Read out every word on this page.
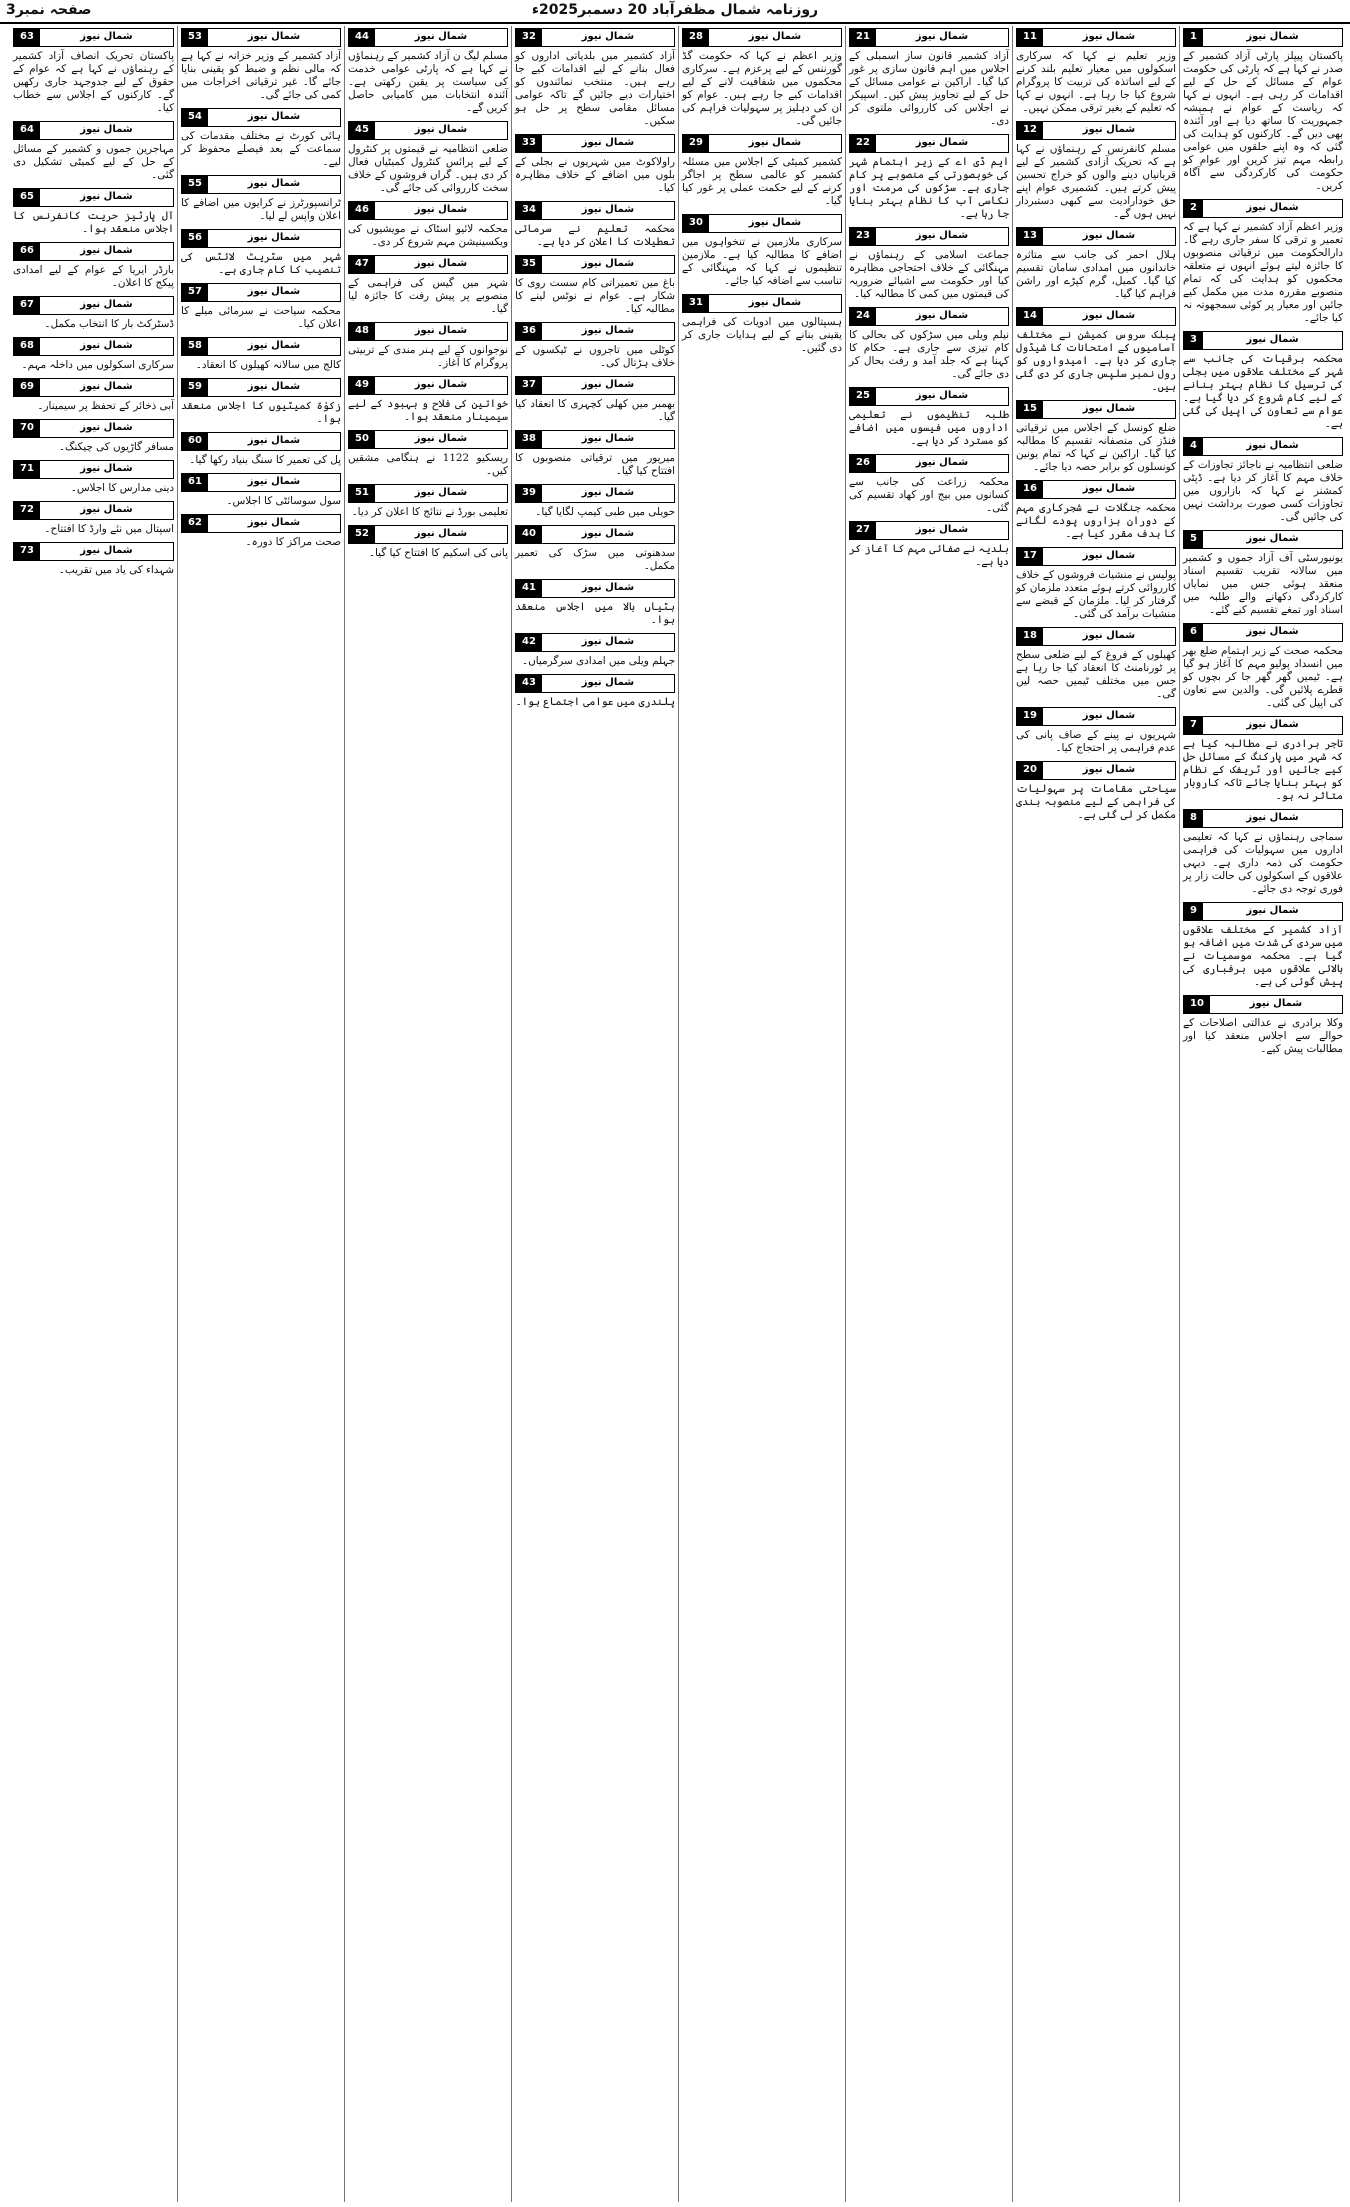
صفحہ نمبر3	روزنامہ شمال مظفرآباد 20 دسمبر2025ء
شمال نیوز
1

پاکستان پیپلز پارٹی آزاد کشمیر کے صدر نے کہا ہے کہ پارٹی کی حکومت عوام کے مسائل کے حل کے لیے اقدامات کر رہی ہے۔ انہوں نے کہا کہ ریاست کے عوام نے ہمیشہ جمہوریت کا ساتھ دیا ہے اور آئندہ بھی دیں گے۔ کارکنوں کو ہدایت کی گئی کہ وہ اپنے حلقوں میں عوامی رابطہ مہم تیز کریں اور عوام کو حکومت کی کارکردگی سے آگاہ کریں۔

شمال نیوز
2

وزیر اعظم آزاد کشمیر نے کہا ہے کہ تعمیر و ترقی کا سفر جاری رہے گا۔ دارالحکومت میں ترقیاتی منصوبوں کا جائزہ لیتے ہوئے انہوں نے متعلقہ محکموں کو ہدایت کی کہ تمام منصوبے مقررہ مدت میں مکمل کیے جائیں اور معیار پر کوئی سمجھوتہ نہ کیا جائے۔

شمال نیوز
3

محکمہ برقیات کی جانب سے شہر کے مختلف علاقوں میں بجلی کی ترسیل کا نظام بہتر بنانے کے لیے کام شروع کر دیا گیا ہے۔ عوام سے تعاون کی اپیل کی گئی ہے۔

شمال نیوز
4

ضلعی انتظامیہ نے ناجائز تجاوزات کے خلاف مہم کا آغاز کر دیا ہے۔ ڈپٹی کمشنر نے کہا کہ بازاروں میں تجاوزات کسی صورت برداشت نہیں کی جائیں گی۔

شمال نیوز
5

یونیورسٹی آف آزاد جموں و کشمیر میں سالانہ تقریب تقسیم اسناد منعقد ہوئی جس میں نمایاں کارکردگی دکھانے والے طلبہ میں اسناد اور تمغے تقسیم کیے گئے۔

شمال نیوز
6

محکمہ صحت کے زیر اہتمام ضلع بھر میں انسداد پولیو مہم کا آغاز ہو گیا ہے۔ ٹیمیں گھر گھر جا کر بچوں کو قطرے پلائیں گی۔ والدین سے تعاون کی اپیل کی گئی۔

شمال نیوز
7

تاجر برادری نے مطالبہ کیا ہے کہ شہر میں پارکنگ کے مسائل حل کیے جائیں اور ٹریفک کے نظام کو بہتر بنایا جائے تاکہ کاروبار متاثر نہ ہو۔

شمال نیوز
8

سماجی رہنماؤں نے کہا کہ تعلیمی اداروں میں سہولیات کی فراہمی حکومت کی ذمہ داری ہے۔ دیہی علاقوں کے اسکولوں کی حالت زار پر فوری توجہ دی جائے۔

شمال نیوز
9

آزاد کشمیر کے مختلف علاقوں میں سردی کی شدت میں اضافہ ہو گیا ہے۔ محکمہ موسمیات نے بالائی علاقوں میں برفباری کی پیش گوئی کی ہے۔

شمال نیوز
10

وکلا برادری نے عدالتی اصلاحات کے حوالے سے اجلاس منعقد کیا اور مطالبات پیش کیے۔

شمال نیوز
11

وزیر تعلیم نے کہا کہ سرکاری اسکولوں میں معیار تعلیم بلند کرنے کے لیے اساتذہ کی تربیت کا پروگرام شروع کیا جا رہا ہے۔ انہوں نے کہا کہ تعلیم کے بغیر ترقی ممکن نہیں۔

شمال نیوز
12

مسلم کانفرنس کے رہنماؤں نے کہا ہے کہ تحریک آزادی کشمیر کے لیے قربانیاں دینے والوں کو خراج تحسین پیش کرتے ہیں۔ کشمیری عوام اپنے حق خودارادیت سے کبھی دستبردار نہیں ہوں گے۔

شمال نیوز
13

ہلال احمر کی جانب سے متاثرہ خاندانوں میں امدادی سامان تقسیم کیا گیا۔ کمبل، گرم کپڑے اور راشن فراہم کیا گیا۔

شمال نیوز
14

پبلک سروس کمیشن نے مختلف آسامیوں کے امتحانات کا شیڈول جاری کر دیا ہے۔ امیدواروں کو رول نمبر سلپس جاری کر دی گئی ہیں۔

شمال نیوز
15

ضلع کونسل کے اجلاس میں ترقیاتی فنڈز کی منصفانہ تقسیم کا مطالبہ کیا گیا۔ اراکین نے کہا کہ تمام یونین کونسلوں کو برابر حصہ دیا جائے۔

شمال نیوز
16

محکمہ جنگلات نے شجرکاری مہم کے دوران ہزاروں پودے لگانے کا ہدف مقرر کیا ہے۔

شمال نیوز
17

پولیس نے منشیات فروشوں کے خلاف کارروائی کرتے ہوئے متعدد ملزمان کو گرفتار کر لیا۔ ملزمان کے قبضے سے منشیات برآمد کی گئی۔

شمال نیوز
18

کھیلوں کے فروغ کے لیے ضلعی سطح پر ٹورنامنٹ کا انعقاد کیا جا رہا ہے جس میں مختلف ٹیمیں حصہ لیں گی۔

شمال نیوز
19

شہریوں نے پینے کے صاف پانی کی عدم فراہمی پر احتجاج کیا۔

شمال نیوز
20

سیاحتی مقامات پر سہولیات کی فراہمی کے لیے منصوبہ بندی مکمل کر لی گئی ہے۔

شمال نیوز
21

آزاد کشمیر قانون ساز اسمبلی کے اجلاس میں اہم قانون سازی پر غور کیا گیا۔ اراکین نے عوامی مسائل کے حل کے لیے تجاویز پیش کیں۔ اسپیکر نے اجلاس کی کارروائی ملتوی کر دی۔

شمال نیوز
22

ایم ڈی اے کے زیر اہتمام شہر کی خوبصورتی کے منصوبے پر کام جاری ہے۔ سڑکوں کی مرمت اور نکاسی آب کا نظام بہتر بنایا جا رہا ہے۔

شمال نیوز
23

جماعت اسلامی کے رہنماؤں نے مہنگائی کے خلاف احتجاجی مظاہرہ کیا اور حکومت سے اشیائے ضروریہ کی قیمتوں میں کمی کا مطالبہ کیا۔

شمال نیوز
24

نیلم ویلی میں سڑکوں کی بحالی کا کام تیزی سے جاری ہے۔ حکام کا کہنا ہے کہ جلد آمد و رفت بحال کر دی جائے گی۔

شمال نیوز
25

طلبہ تنظیموں نے تعلیمی اداروں میں فیسوں میں اضافے کو مسترد کر دیا ہے۔

شمال نیوز
26

محکمہ زراعت کی جانب سے کسانوں میں بیج اور کھاد تقسیم کی گئی۔

شمال نیوز
27

بلدیہ نے صفائی مہم کا آغاز کر دیا ہے۔

شمال نیوز
28

وزیر اعظم نے کہا کہ حکومت گڈ گورننس کے لیے پرعزم ہے۔ سرکاری محکموں میں شفافیت لانے کے لیے اقدامات کیے جا رہے ہیں۔ عوام کو ان کی دہلیز پر سہولیات فراہم کی جائیں گی۔

شمال نیوز
29

کشمیر کمیٹی کے اجلاس میں مسئلہ کشمیر کو عالمی سطح پر اجاگر کرنے کے لیے حکمت عملی پر غور کیا گیا۔

شمال نیوز
30

سرکاری ملازمین نے تنخواہوں میں اضافے کا مطالبہ کیا ہے۔ ملازمین تنظیموں نے کہا کہ مہنگائی کے تناسب سے اضافہ کیا جائے۔

شمال نیوز
31

ہسپتالوں میں ادویات کی فراہمی یقینی بنانے کے لیے ہدایات جاری کر دی گئیں۔

شمال نیوز
32

آزاد کشمیر میں بلدیاتی اداروں کو فعال بنانے کے لیے اقدامات کیے جا رہے ہیں۔ منتخب نمائندوں کو اختیارات دیے جائیں گے تاکہ عوامی مسائل مقامی سطح پر حل ہو سکیں۔

شمال نیوز
33

راولاکوٹ میں شہریوں نے بجلی کے بلوں میں اضافے کے خلاف مظاہرہ کیا۔

شمال نیوز
34

محکمہ تعلیم نے سرمائی تعطیلات کا اعلان کر دیا ہے۔

شمال نیوز
35

باغ میں تعمیراتی کام سست روی کا شکار ہے۔ عوام نے نوٹس لینے کا مطالبہ کیا۔

شمال نیوز
36

کوٹلی میں تاجروں نے ٹیکسوں کے خلاف ہڑتال کی۔

شمال نیوز
37

بھمبر میں کھلی کچہری کا انعقاد کیا گیا۔

شمال نیوز
38

میرپور میں ترقیاتی منصوبوں کا افتتاح کیا گیا۔

شمال نیوز
39

حویلی میں طبی کیمپ لگایا گیا۔

شمال نیوز
40

سدھنوتی میں سڑک کی تعمیر مکمل۔

شمال نیوز
41

ہٹیاں بالا میں اجلاس منعقد ہوا۔

شمال نیوز
42

جہلم ویلی میں امدادی سرگرمیاں۔

شمال نیوز
43

پلندری میں عوامی اجتماع ہوا۔

شمال نیوز
44

مسلم لیگ ن آزاد کشمیر کے رہنماؤں نے کہا ہے کہ پارٹی عوامی خدمت کی سیاست پر یقین رکھتی ہے۔ آئندہ انتخابات میں کامیابی حاصل کریں گے۔

شمال نیوز
45

ضلعی انتظامیہ نے قیمتوں پر کنٹرول کے لیے پرائس کنٹرول کمیٹیاں فعال کر دی ہیں۔ گراں فروشوں کے خلاف سخت کارروائی کی جائے گی۔

شمال نیوز
46

محکمہ لائیو اسٹاک نے مویشیوں کی ویکسینیشن مہم شروع کر دی۔

شمال نیوز
47

شہر میں گیس کی فراہمی کے منصوبے پر پیش رفت کا جائزہ لیا گیا۔

شمال نیوز
48

نوجوانوں کے لیے ہنر مندی کے تربیتی پروگرام کا آغاز۔

شمال نیوز
49

خواتین کی فلاح و بہبود کے لیے سیمینار منعقد ہوا۔

شمال نیوز
50

ریسکیو 1122 نے ہنگامی مشقیں کیں۔

شمال نیوز
51

تعلیمی بورڈ نے نتائج کا اعلان کر دیا۔

شمال نیوز
52

پانی کی اسکیم کا افتتاح کیا گیا۔

شمال نیوز
53

آزاد کشمیر کے وزیر خزانہ نے کہا ہے کہ مالی نظم و ضبط کو یقینی بنایا جائے گا۔ غیر ترقیاتی اخراجات میں کمی کی جائے گی۔

شمال نیوز
54

ہائی کورٹ نے مختلف مقدمات کی سماعت کے بعد فیصلے محفوظ کر لیے۔

شمال نیوز
55

ٹرانسپورٹرز نے کرایوں میں اضافے کا اعلان واپس لے لیا۔

شمال نیوز
56

شہر میں سٹریٹ لائٹس کی تنصیب کا کام جاری ہے۔

شمال نیوز
57

محکمہ سیاحت نے سرمائی میلے کا اعلان کیا۔

شمال نیوز
58

کالج میں سالانہ کھیلوں کا انعقاد۔

شمال نیوز
59

زکوٰۃ کمیٹیوں کا اجلاس منعقد ہوا۔

شمال نیوز
60

پل کی تعمیر کا سنگ بنیاد رکھا گیا۔

شمال نیوز
61

سول سوسائٹی کا اجلاس۔

شمال نیوز
62

صحت مراکز کا دورہ۔

شمال نیوز
63

پاکستان تحریک انصاف آزاد کشمیر کے رہنماؤں نے کہا ہے کہ عوام کے حقوق کے لیے جدوجہد جاری رکھیں گے۔ کارکنوں کے اجلاس سے خطاب کیا۔

شمال نیوز
64

مہاجرین جموں و کشمیر کے مسائل کے حل کے لیے کمیٹی تشکیل دی گئی۔

شمال نیوز
65

آل پارٹیز حریت کانفرنس کا اجلاس منعقد ہوا۔

شمال نیوز
66

بارڈر ایریا کے عوام کے لیے امدادی پیکج کا اعلان۔

شمال نیوز
67

ڈسٹرکٹ بار کا انتخاب مکمل۔

شمال نیوز
68

سرکاری اسکولوں میں داخلہ مہم۔

شمال نیوز
69

آبی ذخائر کے تحفظ پر سیمینار۔

شمال نیوز
70

مسافر گاڑیوں کی چیکنگ۔

شمال نیوز
71

دینی مدارس کا اجلاس۔

شمال نیوز
72

اسپتال میں نئے وارڈ کا افتتاح۔

شمال نیوز
73

شہداء کی یاد میں تقریب۔
